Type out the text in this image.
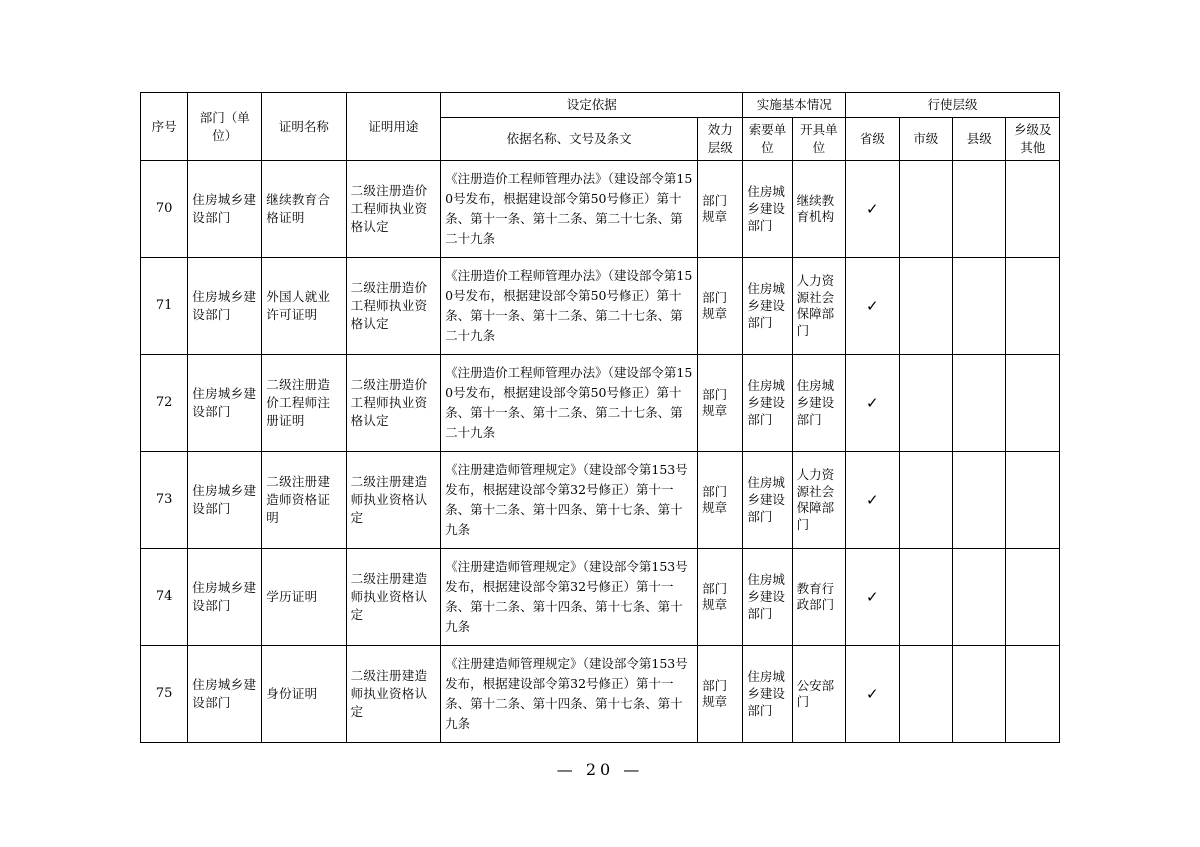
序号	部门（单位）	证明名称	证明用途	设定依据		实施基本情况		行使层级			
				依据名称、文号及条文	效力层级	索要单位	开具单位	省级	市级	县级	乡级及其他
70	住房城乡建设部门	继续教育合格证明	二级注册造价工程师执业资格认定	《注册造价工程师管理办法》（建设部令第150号发布，根据建设部令第50号修正）第十条、第十一条、第十二条、第二十七条、第二十九条	部门规章	住房城乡建设部门	继续教育机构	✓			
71	住房城乡建设部门	外国人就业许可证明	二级注册造价工程师执业资格认定	《注册造价工程师管理办法》（建设部令第150号发布，根据建设部令第50号修正）第十条、第十一条、第十二条、第二十七条、第二十九条	部门规章	住房城乡建设部门	人力资源社会保障部门	✓			
72	住房城乡建设部门	二级注册造价工程师注册证明	二级注册造价工程师执业资格认定	《注册造价工程师管理办法》（建设部令第150号发布，根据建设部令第50号修正）第十条、第十一条、第十二条、第二十七条、第二十九条	部门规章	住房城乡建设部门	住房城乡建设部门	✓			
73	住房城乡建设部门	二级注册建造师资格证明	二级注册建造师执业资格认定	《注册建造师管理规定》（建设部令第153号发布，根据建设部令第32号修正）第十一条、第十二条、第十四条、第十七条、第十九条	部门规章	住房城乡建设部门	人力资源社会保障部门	✓			
74	住房城乡建设部门	学历证明	二级注册建造师执业资格认定	《注册建造师管理规定》（建设部令第153号发布，根据建设部令第32号修正）第十一条、第十二条、第十四条、第十七条、第十九条	部门规章	住房城乡建设部门	教育行政部门	✓			
75	住房城乡建设部门	身份证明	二级注册建造师执业资格认定	《注册建造师管理规定》（建设部令第153号发布，根据建设部令第32号修正）第十一条、第十二条、第十四条、第十七条、第十九条	部门规章	住房城乡建设部门	公安部门	✓			
— 20 —
